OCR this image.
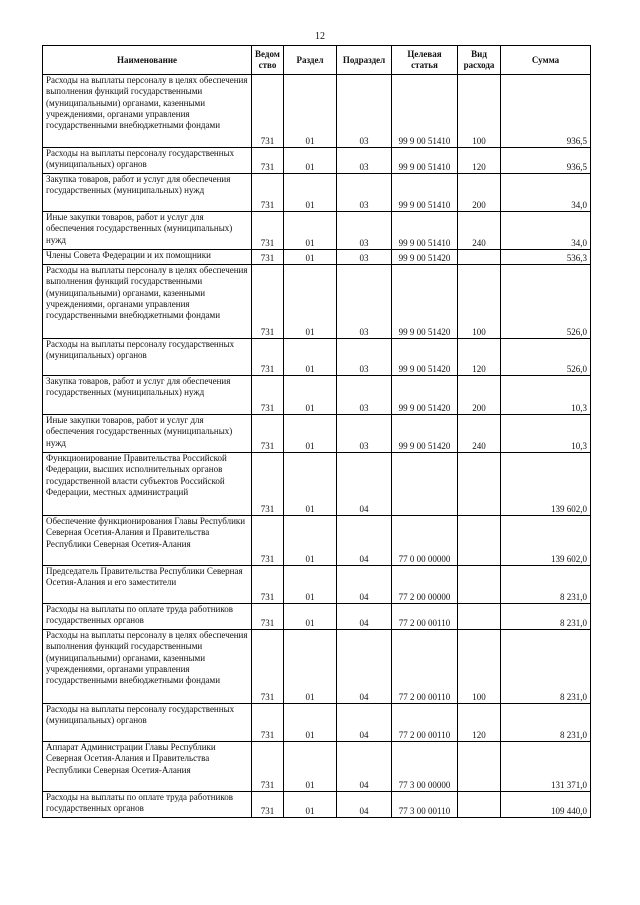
12
Наименование	Ведом ство	Раздел	Подраздел	Целевая статья	Вид расхода	Сумма

Расходы на выплаты персоналу в целях обеспечения выполнения функций государственными (муниципальными) органами, казенными учреждениями, органами управления государственными внебюджетными фондами	731	01	03	99 9 00 51410	100	936,5

Расходы на выплаты персоналу государственных (муниципальных) органов	731	01	03	99 9 00 51410	120	936,5

Закупка товаров, работ и услуг для обеспечения государственных (муниципальных) нужд	731	01	03	99 9 00 51410	200	34,0

Иные закупки товаров, работ и услуг для обеспечения государственных (муниципальных) нужд	731	01	03	99 9 00 51410	240	34,0

Члены Совета Федерации и их помощники	731	01	03	99 9 00 51420		536,3

Расходы на выплаты персоналу в целях обеспечения выполнения функций государственными (муниципальными) органами, казенными учреждениями, органами управления государственными внебюджетными фондами	731	01	03	99 9 00 51420	100	526,0

Расходы на выплаты персоналу государственных (муниципальных) органов	731	01	03	99 9 00 51420	120	526,0

Закупка товаров, работ и услуг для обеспечения государственных (муниципальных) нужд	731	01	03	99 9 00 51420	200	10,3

Иные закупки товаров, работ и услуг для обеспечения государственных (муниципальных) нужд	731	01	03	99 9 00 51420	240	10,3

Функционирование Правительства Российской Федерации, высших исполнительных органов государственной власти субъектов Российской Федерации, местных администраций	731	01	04			139 602,0

Обеспечение функционирования Главы Республики Северная Осетия-Алания и Правительства Республики Северная Осетия-Алания	731	01	04	77 0 00 00000		139 602,0

Председатель Правительства Республики Северная Осетия-Алания и его заместители	731	01	04	77 2 00 00000		8 231,0

Расходы на выплаты по оплате труда работников государственных органов	731	01	04	77 2 00 00110		8 231,0

Расходы на выплаты персоналу в целях обеспечения выполнения функций государственными (муниципальными) органами, казенными учреждениями, органами управления государственными внебюджетными фондами	731	01	04	77 2 00 00110	100	8 231,0

Расходы на выплаты персоналу государственных (муниципальных) органов	731	01	04	77 2 00 00110	120	8 231,0

Аппарат Администрации Главы Республики Северная Осетия-Алания и Правительства Республики Северная Осетия-Алания	731	01	04	77 3 00 00000		131 371,0

Расходы на выплаты по оплате труда работников государственных органов	731	01	04	77 3 00 00110		109 440,0
